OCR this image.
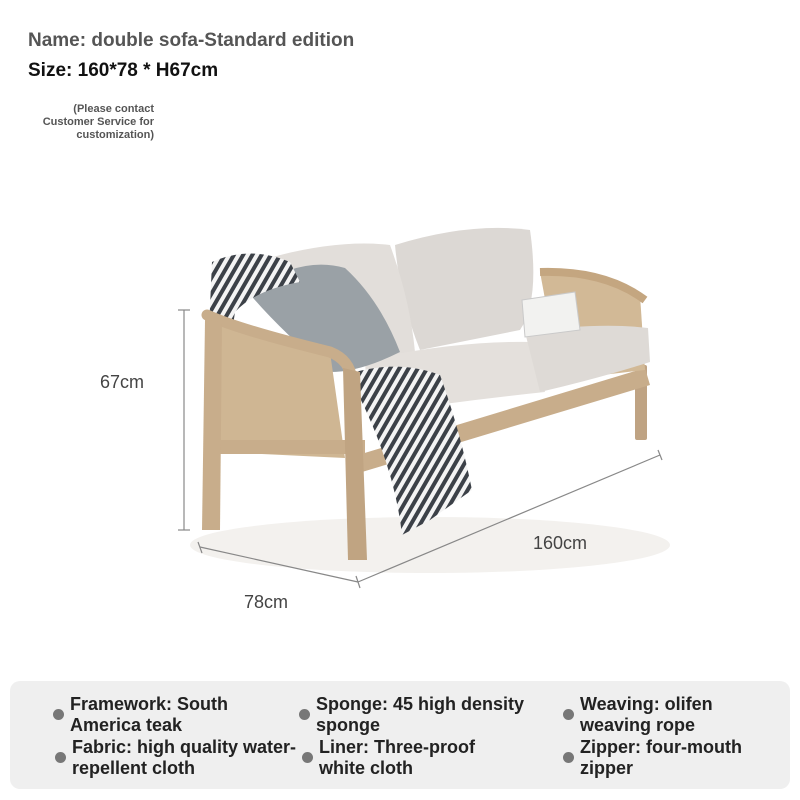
Name: double sofa-Standard edition
Size: 160*78 * H67cm
(Please contact Customer Service for customization)
67cm
160cm
78cm
Framework: South America teak
Sponge: 45 high density sponge
Weaving: olifen weaving rope
Fabric: high quality water-repellent cloth
Liner: Three-proof white cloth
Zipper: four-mouth zipper
